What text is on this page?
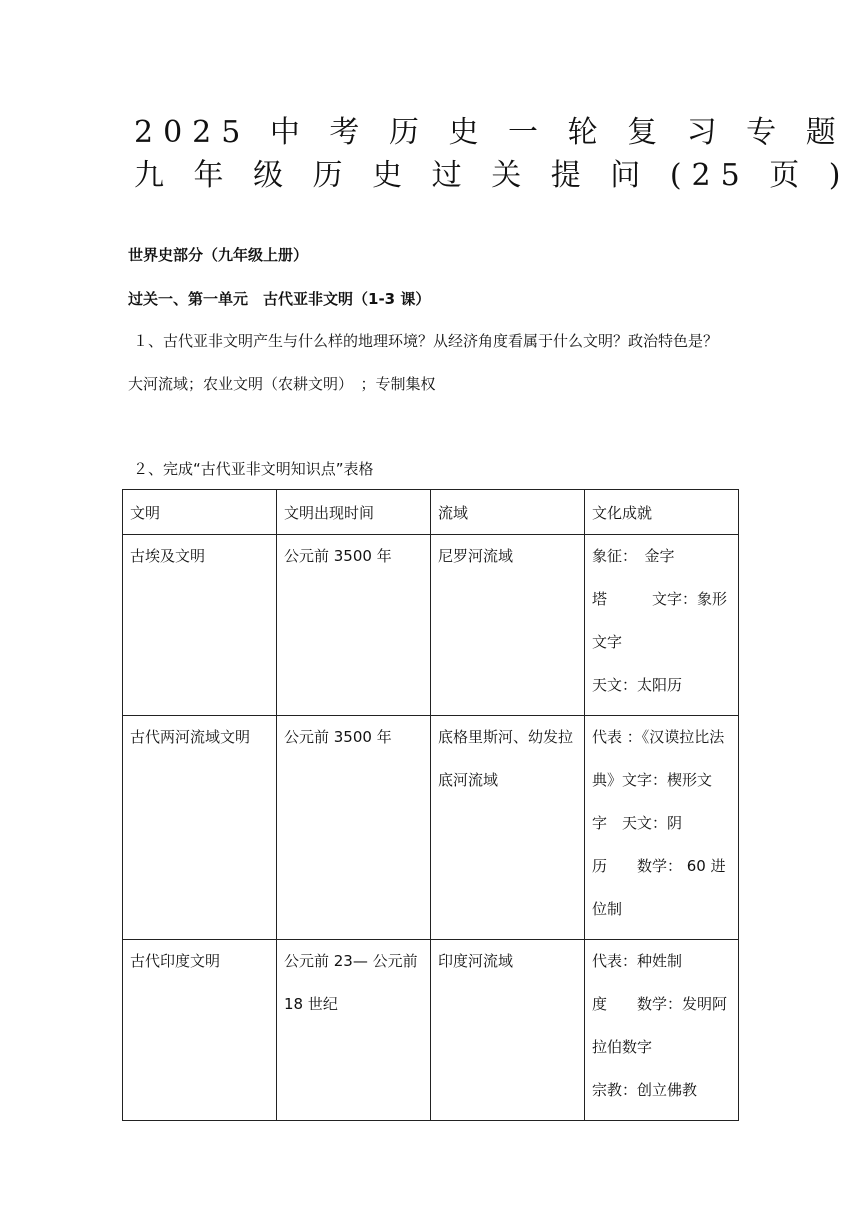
2025 中 考 历 史 一 轮 复 习 专 题
九 年 级 历 史 过 关 提 问 (25 页 )
世界史部分（九年级上册）
过关一、第一单元　古代亚非文明（1-3 课）
１、古代亚非文明产生与什么样的地理环境？从经济角度看属于什么文明？政治特色是？
大河流域；农业文明（农耕文明）　；专制集权
２、完成“古代亚非文明知识点”表格
文明	文明出现时间	流域	文化成就
古埃及文明	公元前 3500 年	尼罗河流域	象征：　金字
塔　　　文字：象形
文字
天文：太阳历

古代两河流域文明	公元前 3500 年	底格里斯河、幼发拉底河流域	代表 ：《汉谟拉比法
典》文字：楔形文
字　天文：阴
历　　数学： 60 进
位制

古代印度文明	公元前 23— 公元前 18 世纪	印度河流域	代表：种姓制
度　　数学：发明阿
拉伯数字
宗教：创立佛教
